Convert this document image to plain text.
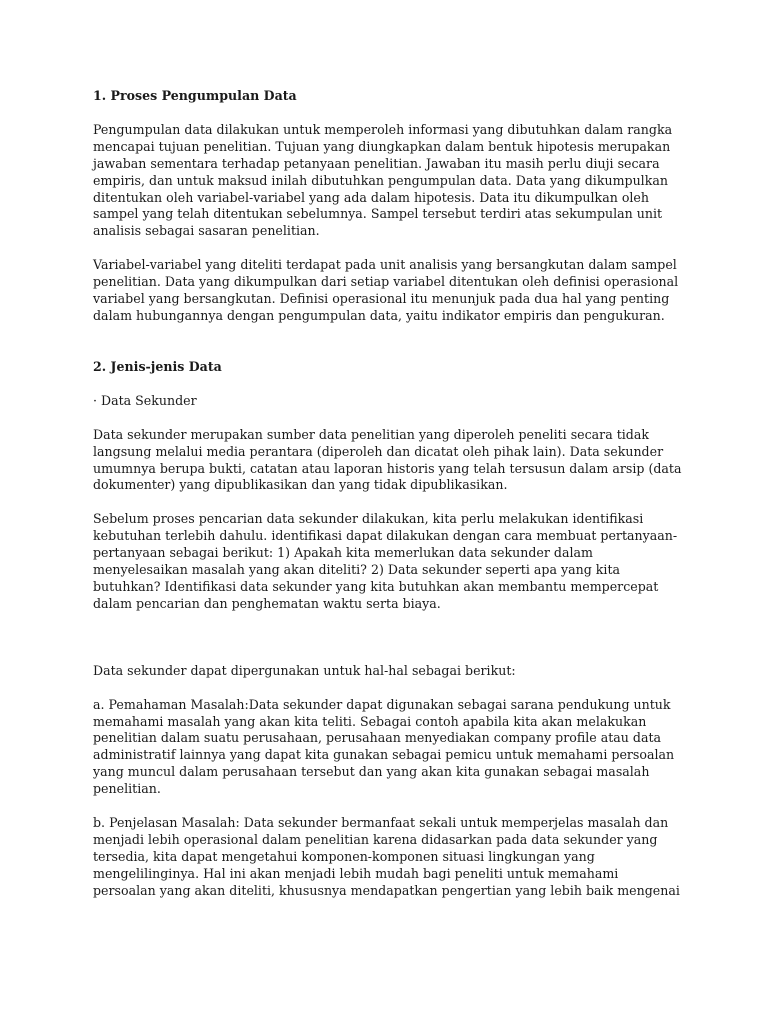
1. Proses Pengumpulan Data

Pengumpulan data dilakukan untuk memperoleh informasi yang dibutuhkan dalam rangka mencapai tujuan penelitian. Tujuan yang diungkapkan dalam bentuk hipotesis merupakan jawaban sementara terhadap petanyaan penelitian. Jawaban itu masih perlu diuji secara empiris, dan untuk maksud inilah dibutuhkan pengumpulan data. Data yang dikumpulkan ditentukan oleh variabel-variabel yang ada dalam hipotesis. Data itu dikumpulkan oleh sampel yang telah ditentukan sebelumnya. Sampel tersebut terdiri atas sekumpulan unit analisis sebagai sasaran penelitian.

Variabel-variabel yang diteliti terdapat pada unit analisis yang bersangkutan dalam sampel penelitian. Data yang dikumpulkan dari setiap variabel ditentukan oleh definisi operasional variabel yang bersangkutan. Definisi operasional itu menunjuk pada dua hal yang penting dalam hubungannya dengan pengumpulan data, yaitu indikator empiris dan pengukuran.

2. Jenis-jenis Data

· Data Sekunder

Data sekunder merupakan sumber data penelitian yang diperoleh peneliti secara tidak langsung melalui media perantara (diperoleh dan dicatat oleh pihak lain). Data sekunder umumnya berupa bukti, catatan atau laporan historis yang telah tersusun dalam arsip (data dokumenter) yang dipublikasikan dan yang tidak dipublikasikan.

Sebelum proses pencarian data sekunder dilakukan, kita perlu melakukan identifikasi kebutuhan terlebih dahulu. identifikasi dapat dilakukan dengan cara membuat pertanyaan-pertanyaan sebagai berikut: 1) Apakah kita memerlukan data sekunder dalam menyelesaikan masalah yang akan diteliti? 2) Data sekunder seperti apa yang kita butuhkan? Identifikasi data sekunder yang kita butuhkan akan membantu mempercepat dalam pencarian dan penghematan waktu serta biaya.

Data sekunder dapat dipergunakan untuk hal-hal sebagai berikut:

a. Pemahaman Masalah:Data sekunder dapat digunakan sebagai sarana pendukung untuk memahami masalah yang akan kita teliti. Sebagai contoh apabila kita akan melakukan penelitian dalam suatu perusahaan, perusahaan menyediakan company profile atau data administratif lainnya yang dapat kita gunakan sebagai pemicu untuk memahami persoalan yang muncul dalam perusahaan tersebut dan yang akan kita gunakan sebagai masalah penelitian.

b. Penjelasan Masalah: Data sekunder bermanfaat sekali untuk memperjelas masalah dan menjadi lebih operasional dalam penelitian karena didasarkan pada data sekunder yang tersedia, kita dapat mengetahui komponen-komponen situasi lingkungan yang mengelilinginya. Hal ini akan menjadi lebih mudah bagi peneliti untuk memahami persoalan yang akan diteliti, khususnya mendapatkan pengertian yang lebih baik mengenai
